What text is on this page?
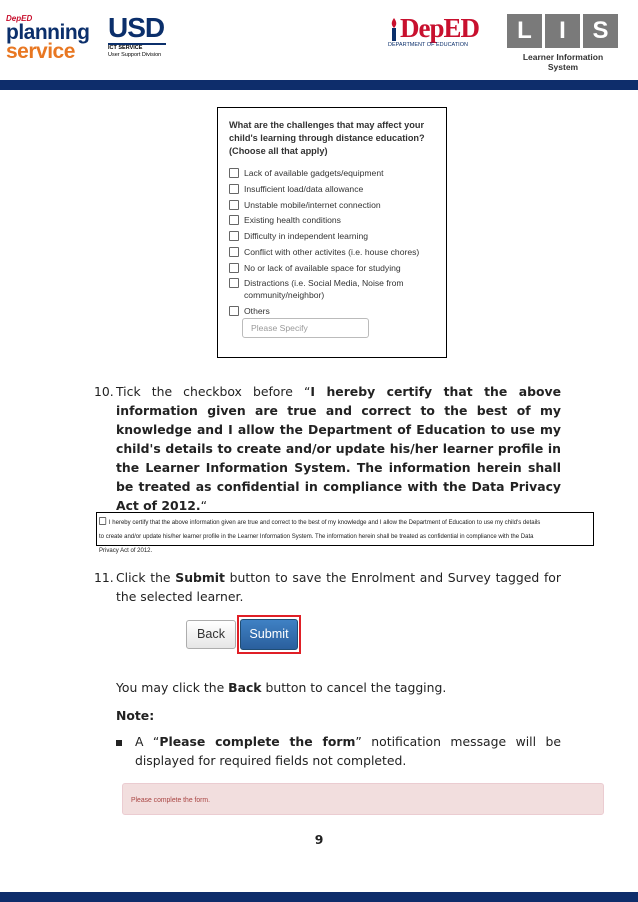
DepED
planning
service
USD
ICT SERVICE
User Support Division
DepED
DEPARTMENT OF EDUCATION
L	I	S
Learner Information System
What are the challenges that may affect your child's learning through distance education? (Choose all that apply)
Lack of available gadgets/equipment
Insufficient load/data allowance
Unstable mobile/internet connection
Existing health conditions
Difficulty in independent learning
Conflict with other activites (i.e. house chores)
No or lack of available space for studying
Distractions (i.e. Social Media, Noise from community/neighbor)
Others
Please Specify
10. Tick the checkbox before “I hereby certify that the above information given are true and correct to the best of my knowledge and I allow the Department of Education to use my child's details to create and/or update his/her learner profile in the Learner Information System. The information herein shall be treated as confidential in compliance with the Data Privacy Act of 2012.“
I hereby certify that the above information given are true and correct to the best of my knowledge and I allow the Department of Education to use my child's details to create and/or update his/her learner profile in the Learner Information System. The information herein shall be treated as confidential in compliance with the Data Privacy Act of 2012.
11. Click the Submit button to save the Enrolment and Survey tagged for the selected learner.
Back	Submit
You may click the Back button to cancel the tagging.
Note:
A “Please complete the form” notification message will be displayed for required fields not completed.
Please complete the form.
9
